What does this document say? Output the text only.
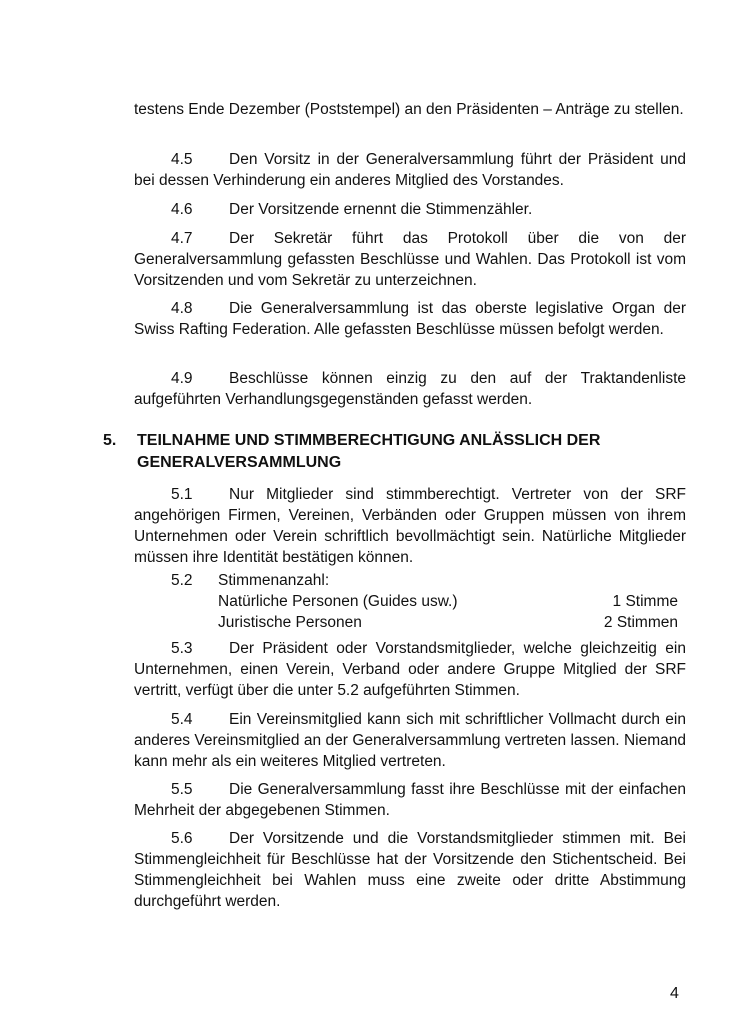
testens Ende Dezember (Poststempel) an den Präsidenten – Anträge zu stellen.
4.5 Den Vorsitz in der Generalversammlung führt der Präsident und bei dessen Verhinderung ein anderes Mitglied des Vorstandes.
4.6 Der Vorsitzende ernennt die Stimmenzähler.
4.7 Der Sekretär führt das Protokoll über die von der Generalversammlung gefassten Beschlüsse und Wahlen. Das Protokoll ist vom Vorsitzenden und vom Sekretär zu unterzeichnen.
4.8 Die Generalversammlung ist das oberste legislative Organ der Swiss Rafting Federation. Alle gefassten Beschlüsse müssen befolgt werden.
4.9 Beschlüsse können einzig zu den auf der Traktandenliste aufgeführten Verhandlungsgegenständen gefasst werden.
5. TEILNAHME UND STIMMBERECHTIGUNG ANLÄSSLICH DER GENERALVERSAMMLUNG
5.1 Nur Mitglieder sind stimmberechtigt. Vertreter von der SRF angehörigen Firmen, Vereinen, Verbänden oder Gruppen müssen von ihrem Unternehmen oder Verein schriftlich bevollmächtigt sein. Natürliche Mitglieder müssen ihre Identität bestätigen können.
5.2 Stimmenanzahl:
Natürliche Personen (Guides usw.)	1 Stimme
Juristische Personen	2 Stimmen
5.3 Der Präsident oder Vorstandsmitglieder, welche gleichzeitig ein Unternehmen, einen Verein, Verband oder andere Gruppe Mitglied der SRF vertritt, verfügt über die unter 5.2 aufgeführten Stimmen.
5.4 Ein Vereinsmitglied kann sich mit schriftlicher Vollmacht durch ein anderes Vereinsmitglied an der Generalversammlung vertreten lassen. Niemand kann mehr als ein weiteres Mitglied vertreten.
5.5 Die Generalversammlung fasst ihre Beschlüsse mit der einfachen Mehrheit der abgegebenen Stimmen.
5.6 Der Vorsitzende und die Vorstandsmitglieder stimmen mit. Bei Stimmengleichheit für Beschlüsse hat der Vorsitzende den Stichentscheid. Bei Stimmengleichheit bei Wahlen muss eine zweite oder dritte Abstimmung durchgeführt werden.
4
